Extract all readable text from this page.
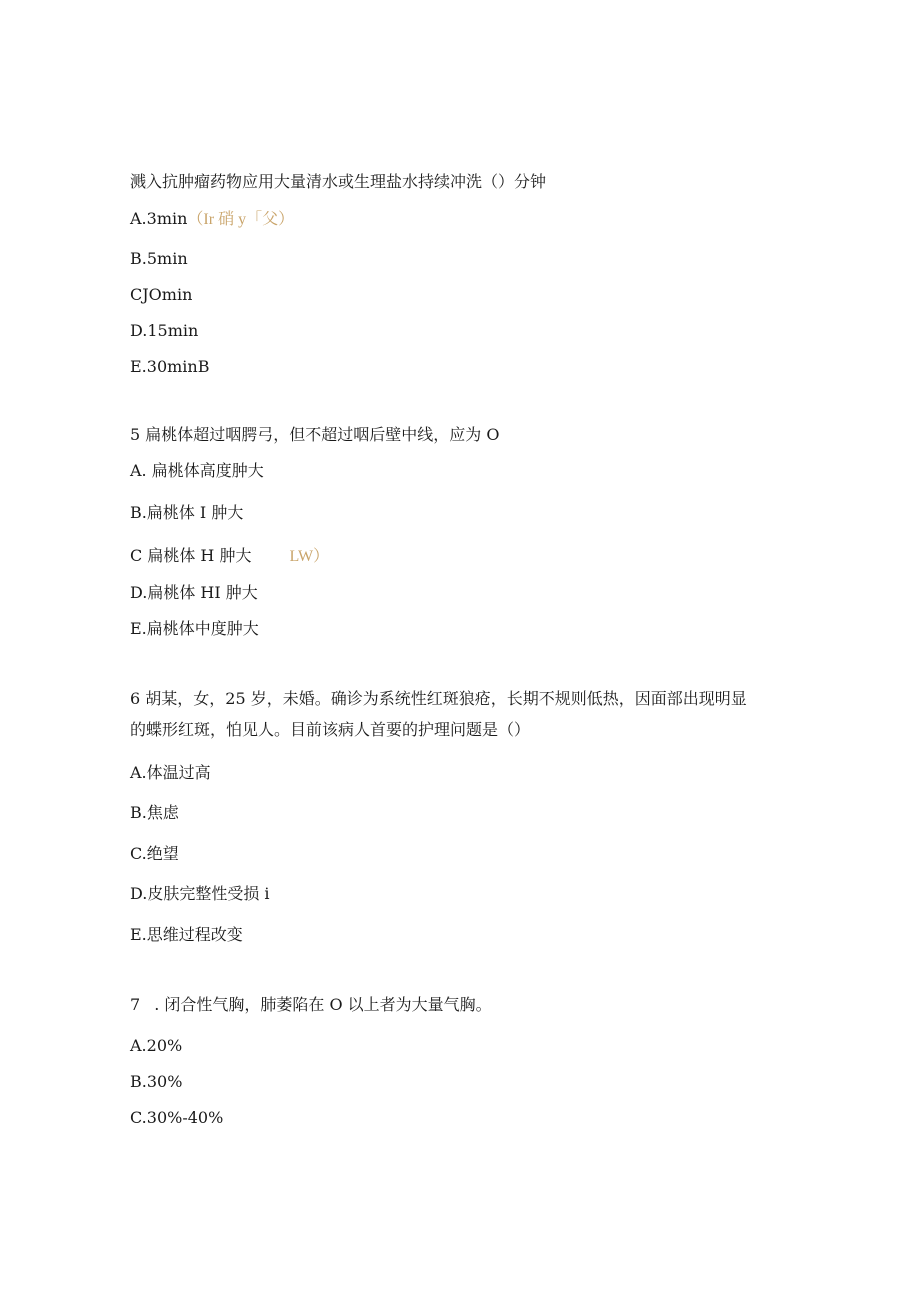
溅入抗肿瘤药物应用大量清水或生理盐水持续冲洗（）分钟
A.3min（Ir 硝 y「父）
B.5min
CJOmin
D.15min
E.30minB
5 扁桃体超过咽腭弓，但不超过咽后壁中线，应为 O
A. 扁桃体高度肿大
B.扁桃体 I 肿大
C 扁桃体 H 肿大 LW）
D.扁桃体 HI 肿大
E.扁桃体中度肿大
6 胡某，女，25 岁，未婚。确诊为系统性红斑狼疮，长期不规则低热，因面部出现明显
的蝶形红斑，怕见人。目前该病人首要的护理问题是（）
A.体温过高
B.焦虑
C.绝望
D.皮肤完整性受损 i
E.思维过程改变
7 . 闭合性气胸，肺萎陷在 O 以上者为大量气胸。
A.20%
B.30%
C.30%-40%
